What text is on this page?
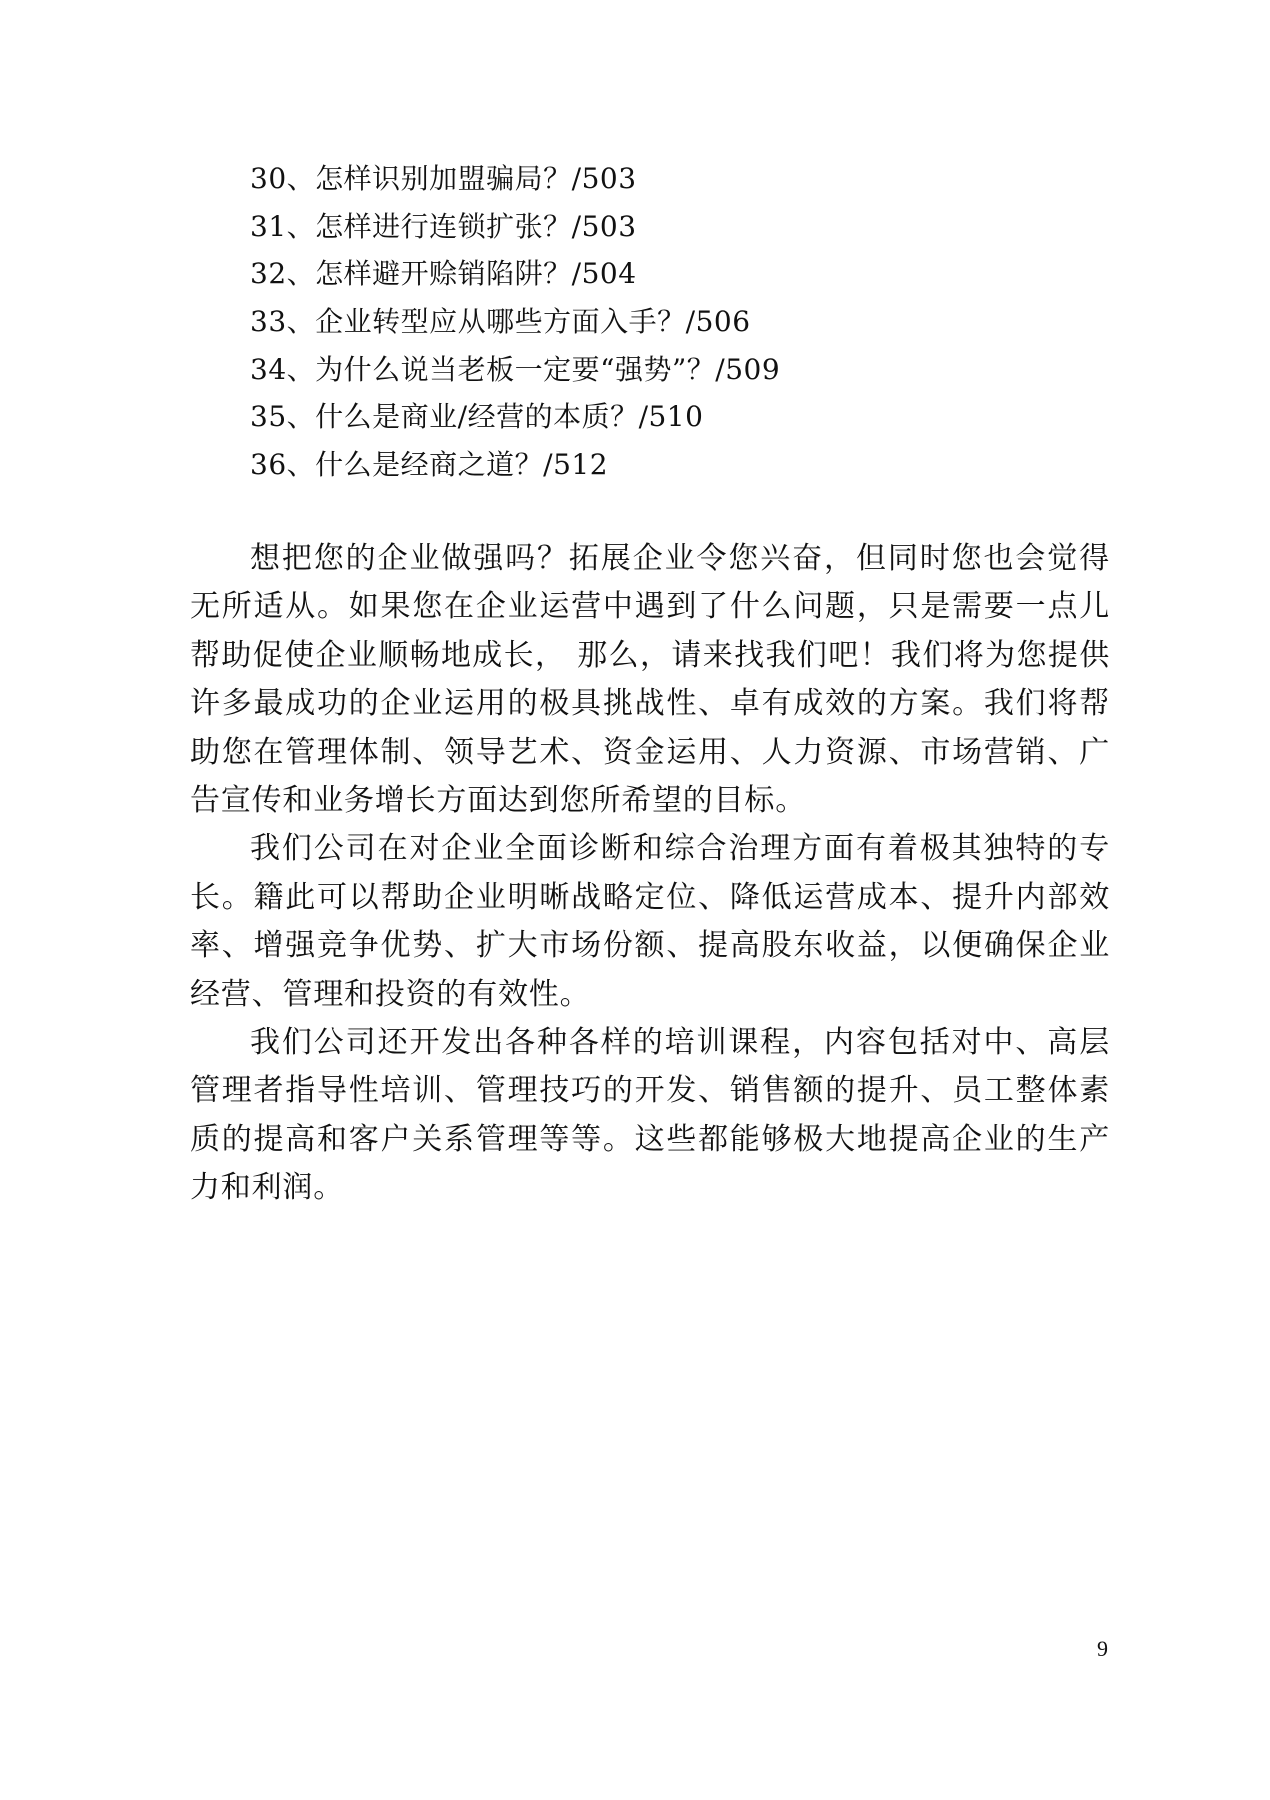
30、怎样识别加盟骗局？/503
31、怎样进行连锁扩张？/503
32、怎样避开赊销陷阱？/504
33、企业转型应从哪些方面入手？/506
34、为什么说当老板一定要“强势”？/509
35、什么是商业/经营的本质？/510
36、什么是经商之道？/512

想把您的企业做强吗？拓展企业令您兴奋，但同时您也会觉得无所适从。如果您在企业运营中遇到了什么问题，只是需要一点儿帮助促使企业顺畅地成长， 那么，请来找我们吧！我们将为您提供许多最成功的企业运用的极具挑战性、卓有成效的方案。我们将帮助您在管理体制、领导艺术、资金运用、人力资源、市场营销、广告宣传和业务增长方面达到您所希望的目标。

我们公司在对企业全面诊断和综合治理方面有着极其独特的专长。籍此可以帮助企业明晰战略定位、降低运营成本、提升内部效率、增强竞争优势、扩大市场份额、提高股东收益，以便确保企业经营、管理和投资的有效性。

我们公司还开发出各种各样的培训课程，内容包括对中、高层管理者指导性培训、管理技巧的开发、销售额的提升、员工整体素质的提高和客户关系管理等等。这些都能够极大地提高企业的生产力和利润。

9
